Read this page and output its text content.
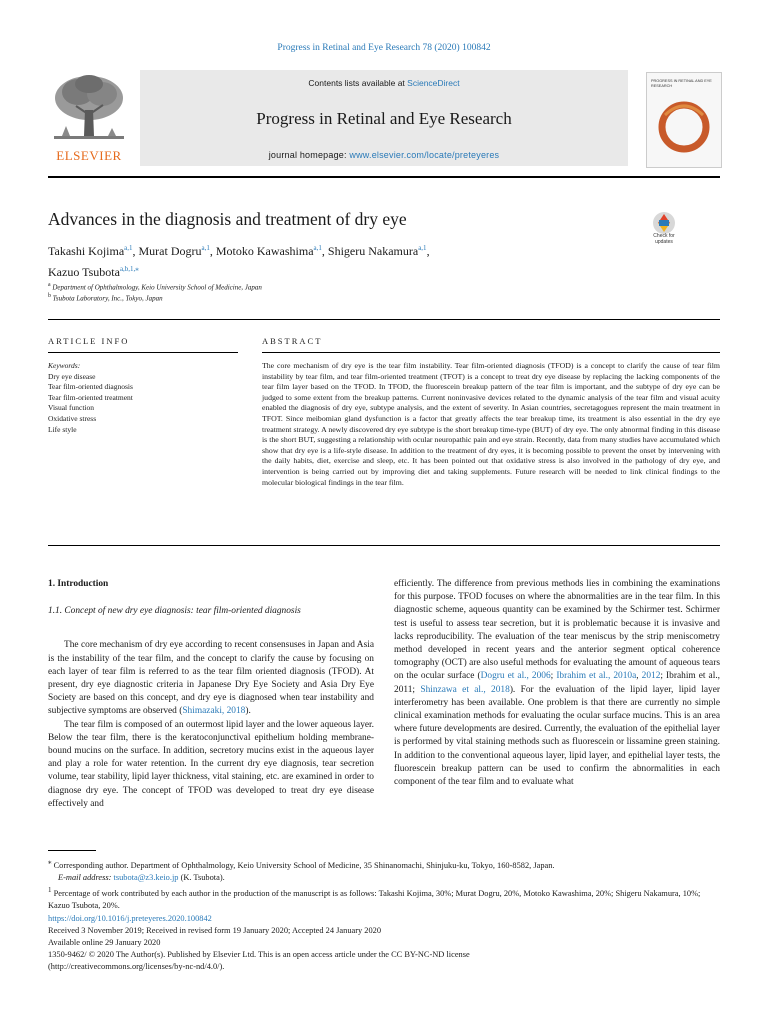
Progress in Retinal and Eye Research 78 (2020) 100842
ELSEVIER
Contents lists available at ScienceDirect
Progress in Retinal and Eye Research
journal homepage: www.elsevier.com/locate/preteyeres
PROGRESS IN RETINAL AND EYE RESEARCH
Advances in the diagnosis and treatment of dry eye
Check for updates
Takashi Kojima$^{a,1}$, Murat Dogru$^{a,1}$, Motoko Kawashima$^{a,1}$, Shigeru Nakamura$^{a,1}$,
Kazuo Tsubota$^{a,b,1,⁎}$
$^a$ Department of Ophthalmology, Keio University School of Medicine, Japan
$^b$ Tsubota Laboratory, Inc., Tokyo, Japan
ARTICLE INFO	ABSTRACT
Keywords:
Dry eye disease
Tear film-oriented diagnosis
Tear film-oriented treatment
Visual function
Oxidative stress
Life style
The core mechanism of dry eye is the tear film instability. Tear film-oriented diagnosis (TFOD) is a concept to clarify the cause of tear film instability by tear film, and tear film-oriented treatment (TFOT) is a concept to treat dry eye disease by replacing the lacking components of the tear film layer based on the TFOD. In TFOD, the fluorescein breakup pattern of the tear film is important, and the subtype of dry eye can be judged to some extent from the breakup patterns. Current noninvasive devices related to the dynamic analysis of the tear film and visual acuity enabled the diagnosis of dry eye, subtype analysis, and the extent of severity. In Asian countries, secretagogues represent the main treatment in TFOT. Since meibomian gland dysfunction is a factor that greatly affects the tear breakup time, its treatment is also essential in the dry eye treatment strategy. A newly discovered dry eye subtype is the short breakup time-type (BUT) of dry eye. The only abnormal finding in this disease is the short BUT, suggesting a relationship with ocular neuropathic pain and eye strain. Recently, data from many studies have accumulated which show that dry eye is a life-style disease. In addition to the treatment of dry eyes, it is becoming possible to prevent the onset by intervening with the daily habits, diet, exercise and sleep, etc. It has been pointed out that oxidative stress is also involved in the pathology of dry eye, and intervention is being carried out by improving diet and taking supplements. Future research will be needed to link clinical findings to the molecular biological findings in the tear film.

1. Introduction

1.1. Concept of new dry eye diagnosis: tear film-oriented diagnosis

The core mechanism of dry eye according to recent consensuses in Japan and Asia is the instability of the tear film, and the concept to clarify the cause by focusing on each layer of tear film is referred to as the tear film oriented diagnosis (TFOD). At present, dry eye diagnostic criteria in Japanese Dry Eye Society and Asia Dry Eye Society are based on this concept, and dry eye is diagnosed when tear instability and subjective symptoms are observed (Shimazaki, 2018).

The tear film is composed of an outermost lipid layer and the lower aqueous layer. Below the tear film, there is the keratoconjunctival epithelium holding membrane-bound mucins on the surface. In addition, secretory mucins exist in the aqueous layer and play a role for water retention. In the current dry eye diagnosis, tear secretion volume, tear stability, lipid layer thickness, vital staining, etc. are examined in order to diagnose dry eye. The concept of TFOD was developed to treat dry eye disease effectively and

efficiently. The difference from previous methods lies in combining the examinations for this purpose. TFOD focuses on where the abnormalities are in the tear film. In this diagnostic scheme, aqueous quantity can be examined by the Schirmer test. Schirmer test is useful to assess tear secretion, but it is problematic because it is invasive and lacks reproducibility. The evaluation of the tear meniscus by the strip meniscometry method developed in recent years and the anterior segment optical coherence tomography (OCT) are also useful methods for evaluating the amount of aqueous tears on the ocular surface (Dogru et al., 2006; Ibrahim et al., 2010a, 2012; Ibrahim et al., 2011; Shinzawa et al., 2018). For the evaluation of the lipid layer, lipid layer interferometry has been available. One problem is that there are currently no simple clinical examination methods for evaluating the ocular surface mucins. This is an area where future developments are desired. Currently, the evaluation of the epithelial layer is performed by vital staining methods such as fluorescein or lissamine green staining. In addition to the conventional aqueous layer, lipid layer, and epithelial layer tests, the fluorescein breakup pattern can be used to confirm the abnormalities in each component of the tear film and to evaluate what

⁎ Corresponding author. Department of Ophthalmology, Keio University School of Medicine, 35 Shinanomachi, Shinjuku-ku, Tokyo, 160-8582, Japan.

E-mail address: tsubota@z3.keio.jp (K. Tsubota).

$^1$ Percentage of work contributed by each author in the production of the manuscript is as follows: Takashi Kojima, 30%; Murat Dogru, 20%, Motoko Kawashima, 20%; Shigeru Nakamura, 10%; Kazuo Tsubota, 20%.

https://doi.org/10.1016/j.preteyeres.2020.100842

Received 3 November 2019; Received in revised form 19 January 2020; Accepted 24 January 2020

Available online 29 January 2020

1350-9462/ © 2020 The Author(s). Published by Elsevier Ltd. This is an open access article under the CC BY-NC-ND license

(http://creativecommons.org/licenses/by-nc-nd/4.0/).
